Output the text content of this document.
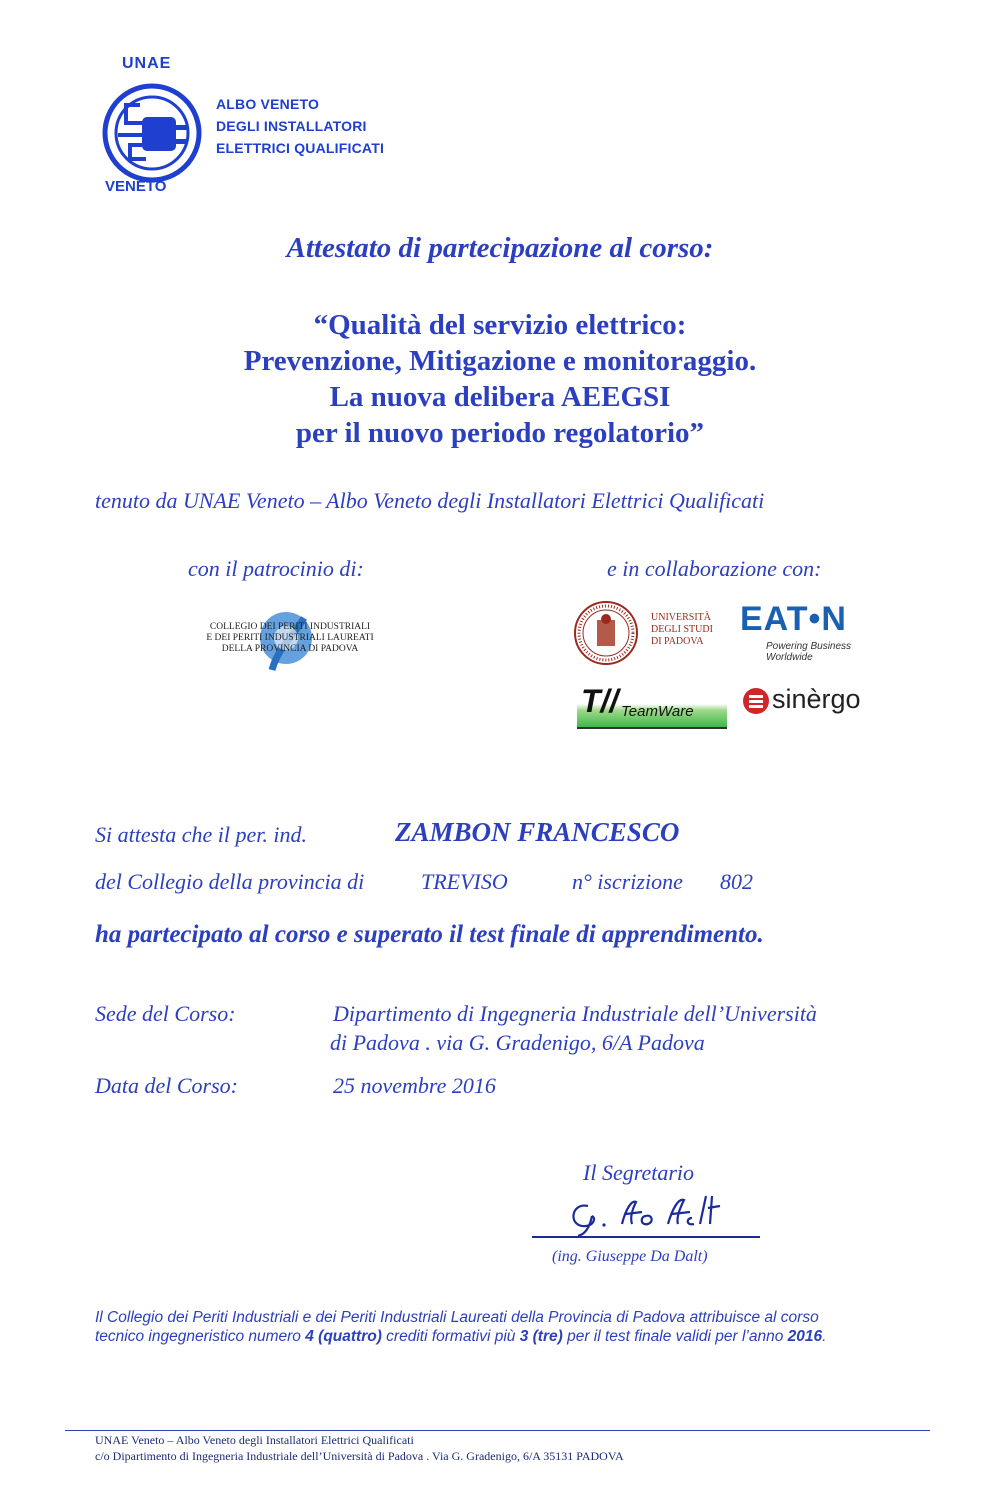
UNAE
VENETO
ALBO VENETO
DEGLI INSTALLATORI
ELETTRICI QUALIFICATI
Attestato di partecipazione al corso:
“Qualità del servizio elettrico:
Prevenzione, Mitigazione e monitoraggio.
La nuova delibera AEEGSI
per il nuovo periodo regolatorio”
tenuto da UNAE Veneto – Albo Veneto degli Installatori Elettrici Qualificati
con il patrocinio di:	e in collaborazione con:
COLLEGIO DEI PERITI INDUSTRIALI
E DEI PERITI INDUSTRIALI LAUREATI
DELLA PROVINCIA DI PADOVA
UNIVERSITÀ
DEGLI STUDI
DI PADOVA
EAT•N
Powering Business Worldwide
T// TeamWare	sinèrgo
Si attesta che il per. ind.	ZAMBON FRANCESCO
del Collegio della provincia di	TREVISO	n° iscrizione 802
ha partecipato al corso e superato il test finale di apprendimento.
Sede del Corso:	Dipartimento di Ingegneria Industriale dell’Università
di Padova . via G. Gradenigo, 6/A Padova
Data del Corso:	25 novembre 2016
Il Segretario
(ing. Giuseppe Da Dalt)
Il Collegio dei Periti Industriali e dei Periti Industriali Laureati della Provincia di Padova attribuisce al corso
tecnico ingegneristico numero 4 (quattro) crediti formativi più 3 (tre) per il test finale validi per l’anno 2016.
UNAE Veneto – Albo Veneto degli Installatori Elettrici Qualificati
c/o Dipartimento di Ingegneria Industriale dell’Università di Padova . Via G. Gradenigo, 6/A 35131 PADOVA
